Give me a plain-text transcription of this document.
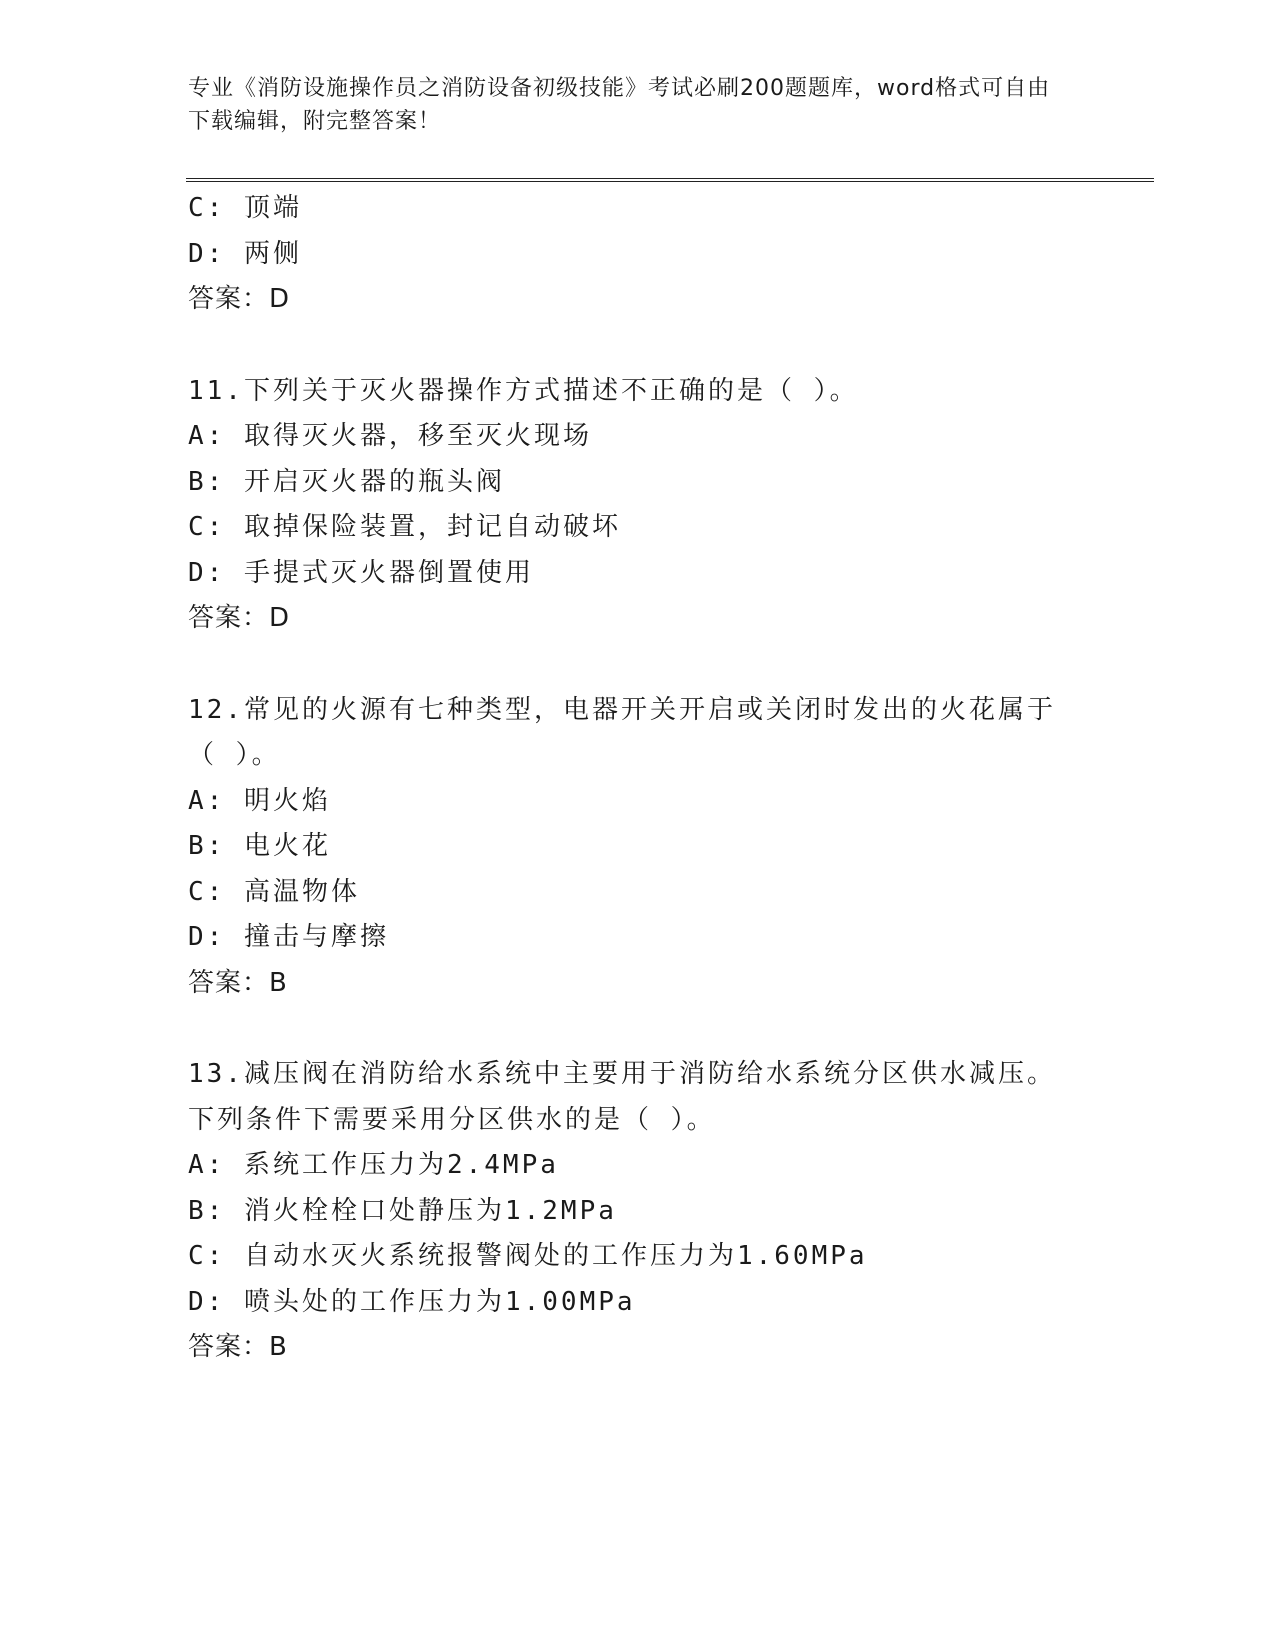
专业《消防设施操作员之消防设备初级技能》考试必刷200题题库，word格式可自由下载编辑，附完整答案！
C: 顶端
D: 两侧
答案：D
11.下列关于灭火器操作方式描述不正确的是（ ）。
A: 取得灭火器，移至灭火现场
B: 开启灭火器的瓶头阀
C: 取掉保险装置，封记自动破坏
D: 手提式灭火器倒置使用
答案：D
12.常见的火源有七种类型，电器开关开启或关闭时发出的火花属于（ ）。
A: 明火焰
B: 电火花
C: 高温物体
D: 撞击与摩擦
答案：B
13.减压阀在消防给水系统中主要用于消防给水系统分区供水减压。下列条件下需要采用分区供水的是（ ）。
A: 系统工作压力为2.4MPa
B: 消火栓栓口处静压为1.2MPa
C: 自动水灭火系统报警阀处的工作压力为1.60MPa
D: 喷头处的工作压力为1.00MPa
答案：B
